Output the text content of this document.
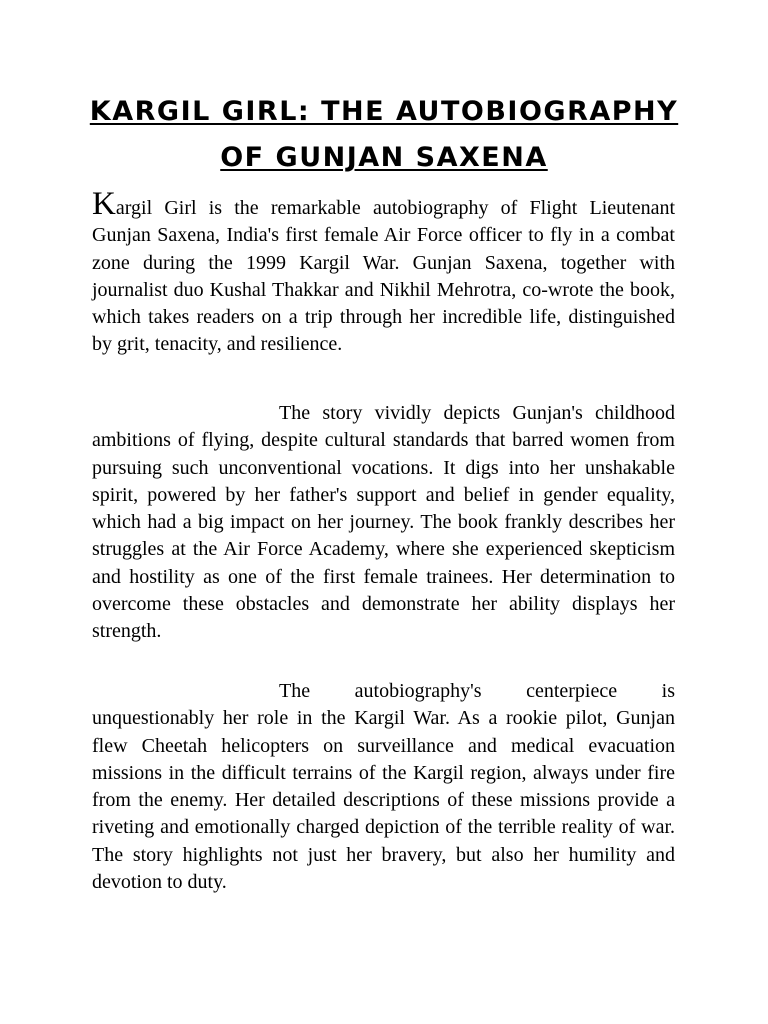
KARGIL GIRL: THE AUTOBIOGRAPHY
OF GUNJAN SAXENA

Kargil Girl is the remarkable autobiography of Flight Lieutenant Gunjan Saxena, India's first female Air Force officer to fly in a combat zone during the 1999 Kargil War. Gunjan Saxena, together with journalist duo Kushal Thakkar and Nikhil Mehrotra, co-wrote the book, which takes readers on a trip through her incredible life, distinguished by grit, tenacity, and resilience.

The story vividly depicts Gunjan's childhood ambitions of flying, despite cultural standards that barred women from pursuing such unconventional vocations. It digs into her unshakable spirit, powered by her father's support and belief in gender equality, which had a big impact on her journey. The book frankly describes her struggles at the Air Force Academy, where she experienced skepticism and hostility as one of the first female trainees. Her determination to overcome these obstacles and demonstrate her ability displays her strength.

The autobiography's centerpiece is unquestionably her role in the Kargil War. As a rookie pilot, Gunjan flew Cheetah helicopters on surveillance and medical evacuation missions in the difficult terrains of the Kargil region, always under fire from the enemy. Her detailed descriptions of these missions provide a riveting and emotionally charged depiction of the terrible reality of war. The story highlights not just her bravery, but also her humility and devotion to duty.
